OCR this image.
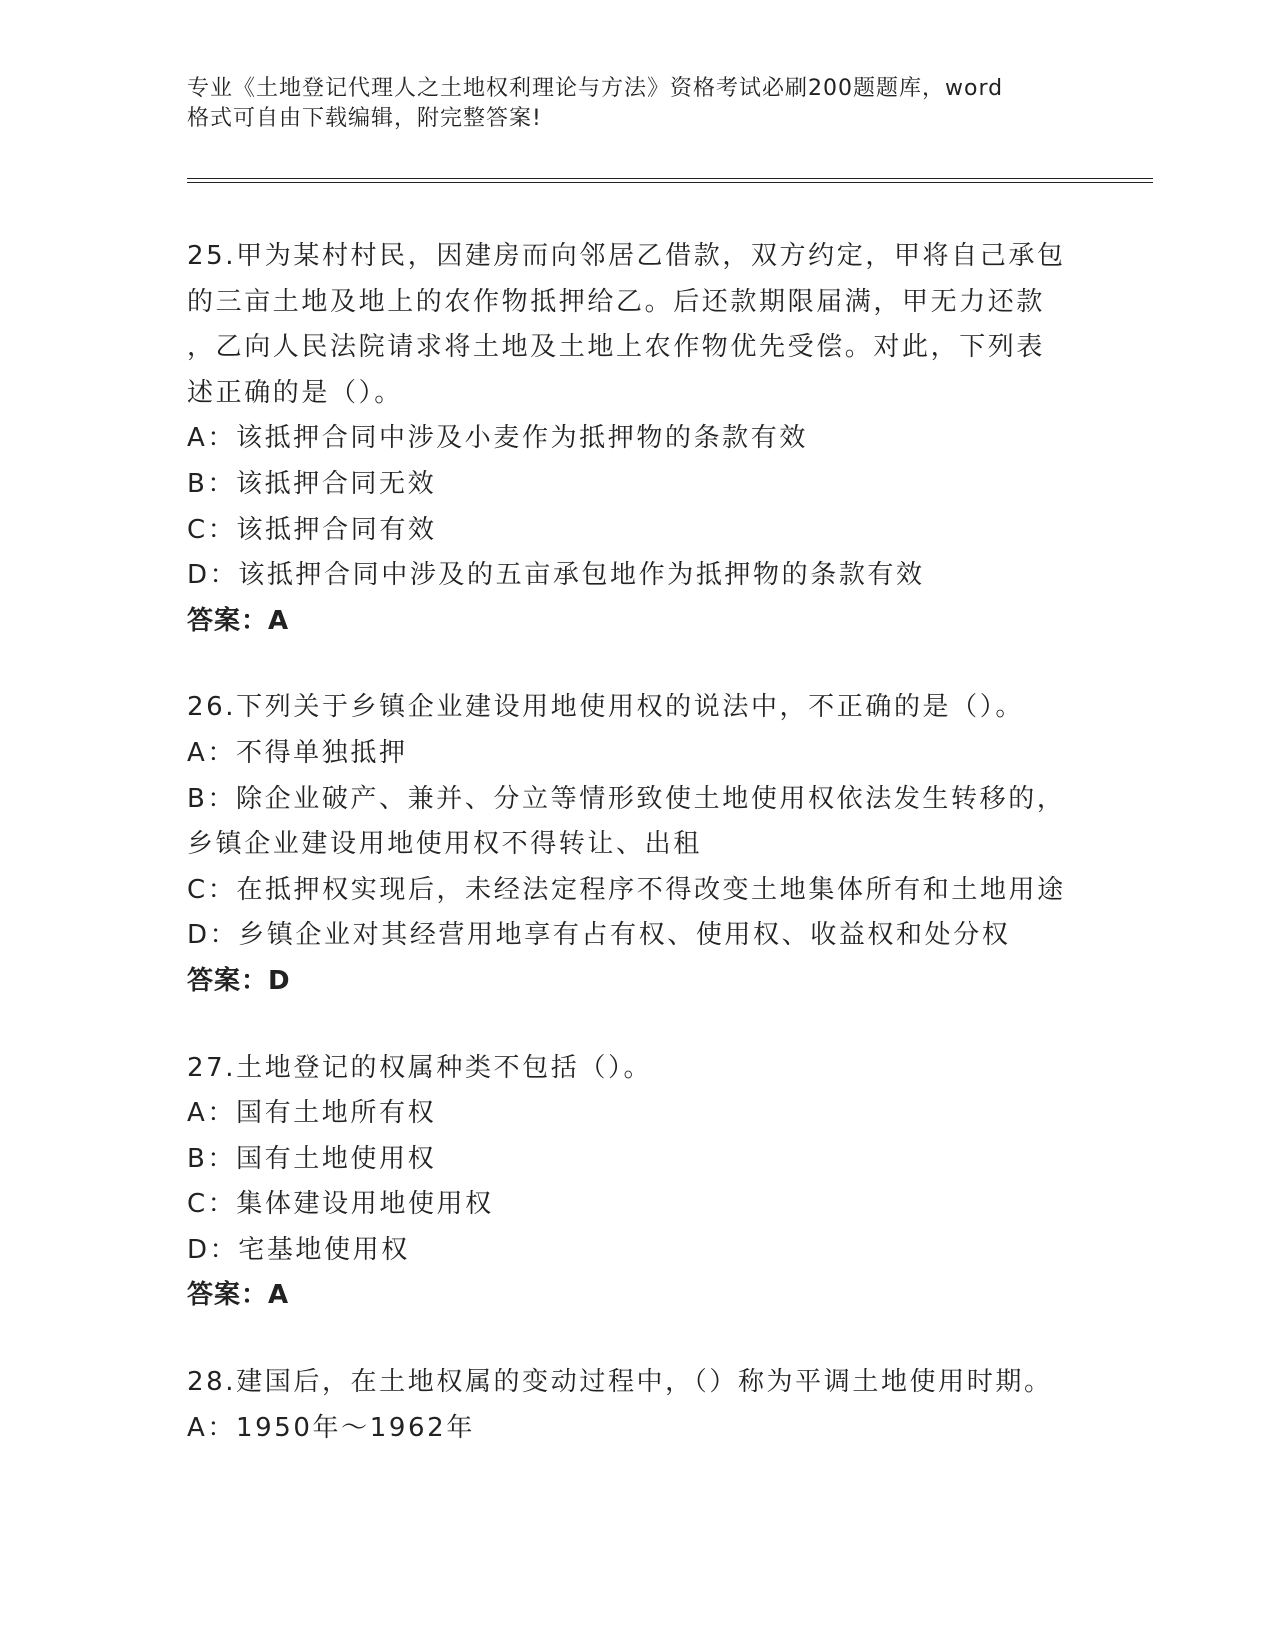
专业《土地登记代理人之土地权利理论与方法》资格考试必刷200题题库，word
格式可自由下载编辑，附完整答案!
25.甲为某村村民，因建房而向邻居乙借款，双方约定，甲将自己承包
的三亩土地及地上的农作物抵押给乙。后还款期限届满，甲无力还款
，乙向人民法院请求将土地及土地上农作物优先受偿。对此，下列表
述正确的是（）。
A：该抵押合同中涉及小麦作为抵押物的条款有效
B：该抵押合同无效
C：该抵押合同有效
D：该抵押合同中涉及的五亩承包地作为抵押物的条款有效
答案：A
26.下列关于乡镇企业建设用地使用权的说法中，不正确的是（）。
A：不得单独抵押
B：除企业破产、兼并、分立等情形致使土地使用权依法发生转移的，
乡镇企业建设用地使用权不得转让、出租
C：在抵押权实现后，未经法定程序不得改变土地集体所有和土地用途
D：乡镇企业对其经营用地享有占有权、使用权、收益权和处分权
答案：D
27.土地登记的权属种类不包括（）。
A：国有土地所有权
B：国有土地使用权
C：集体建设用地使用权
D：宅基地使用权
答案：A
28.建国后，在土地权属的变动过程中，（）称为平调土地使用时期。
A：1950年～1962年
